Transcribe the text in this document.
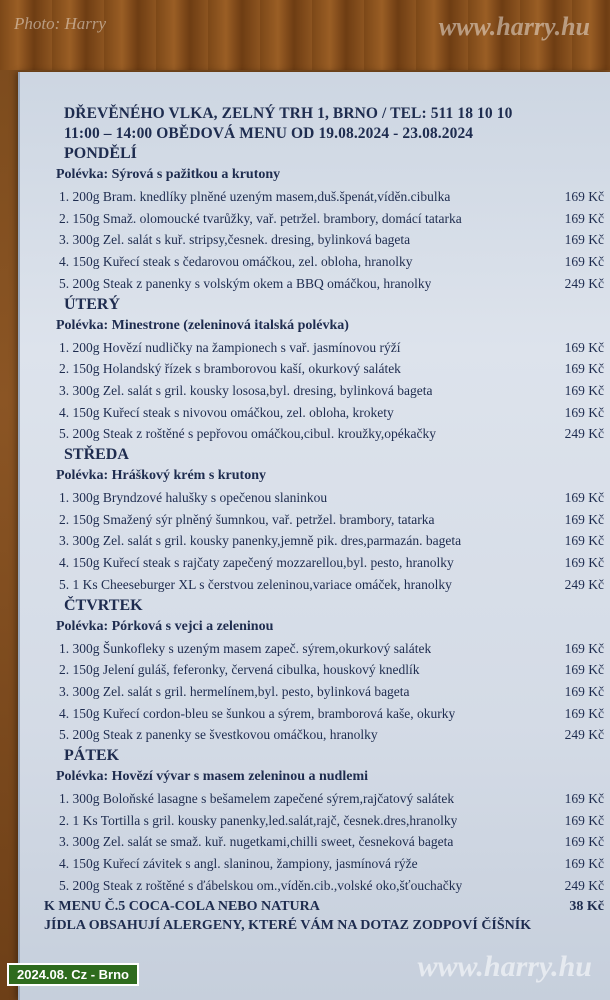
Photo: Harry	www.harry.hu
DŘEVĚNÉHO VLKA, ZELNÝ TRH 1, BRNO / TEL: 511 18 10 10
11:00 – 14:00 OBĚDOVÁ MENU OD 19.08.2024 - 23.08.2024
PONDĚLÍ
Polévka: Sýrová s pažitkou a krutony
1. 200g Bram. knedlíky plněné uzeným masem,duš.špenát,víděn.cibulka	169 Kč
2. 150g Smaž. olomoucké tvarůžky, vař. petržel. brambory, domácí tatarka	169 Kč
3. 300g Zel. salát s kuř. stripsy,česnek. dresing, bylinková bageta	169 Kč
4. 150g Kuřecí steak s čedarovou omáčkou, zel. obloha, hranolky	169 Kč
5. 200g Steak z panenky s volským okem a BBQ omáčkou, hranolky	249 Kč
ÚTERÝ
Polévka: Minestrone (zeleninová italská polévka)
1. 200g Hovězí nudličky na žampionech s vař. jasmínovou rýží	169 Kč
2. 150g Holandský řízek s bramborovou kaší, okurkový salátek	169 Kč
3. 300g Zel. salát s gril. kousky lososa,byl. dresing, bylinková bageta	169 Kč
4. 150g Kuřecí steak s nivovou omáčkou, zel. obloha, krokety	169 Kč
5. 200g Steak z roštěné s pepřovou omáčkou,cibul. kroužky,opékačky	249 Kč
STŘEDA
Polévka: Hráškový krém s krutony
1. 300g Bryndzové halušky s opečenou slaninkou	169 Kč
2. 150g Smažený sýr plněný šumnkou, vař. petržel. brambory, tatarka	169 Kč
3. 300g Zel. salát s gril. kousky panenky,jemně pik. dres,parmazán. bageta	169 Kč
4. 150g Kuřecí steak s rajčaty zapečený mozzarellou,byl. pesto, hranolky	169 Kč
5. 1 Ks Cheeseburger XL s čerstvou zeleninou,variace omáček, hranolky	249 Kč
ČTVRTEK
Polévka: Pórková s vejci a zeleninou
1. 300g Šunkofleky s uzeným masem zapeč. sýrem,okurkový salátek	169 Kč
2. 150g Jelení guláš, feferonky, červená cibulka, houskový knedlík	169 Kč
3. 300g Zel. salát s gril. hermelínem,byl. pesto, bylinková bageta	169 Kč
4. 150g Kuřecí cordon-bleu se šunkou a sýrem, bramborová kaše, okurky	169 Kč
5. 200g Steak z panenky se švestkovou omáčkou, hranolky	249 Kč
PÁTEK
Polévka: Hovězí vývar s masem zeleninou a nudlemi
1. 300g Boloňské lasagne s bešamelem zapečené sýrem,rajčatový salátek	169 Kč
2. 1 Ks Tortilla s gril. kousky panenky,led.salát,rajč, česnek.dres,hranolky	169 Kč
3. 300g Zel. salát se smaž. kuř. nugetkami,chilli sweet, česneková bageta	169 Kč
4. 150g Kuřecí závitek s angl. slaninou, žampiony, jasmínová rýže	169 Kč
5. 200g Steak z roštěné s ďábelskou om.,víděn.cib.,volské oko,šťouchačky	249 Kč
K MENU Č.5 COCA-COLA NEBO NATURA	38 Kč
JÍDLA OBSAHUJÍ ALERGENY, KTERÉ VÁM NA DOTAZ ZODPOVÍ ČÍŠNÍK
2024.08. Cz - Brno	www.harry.hu
